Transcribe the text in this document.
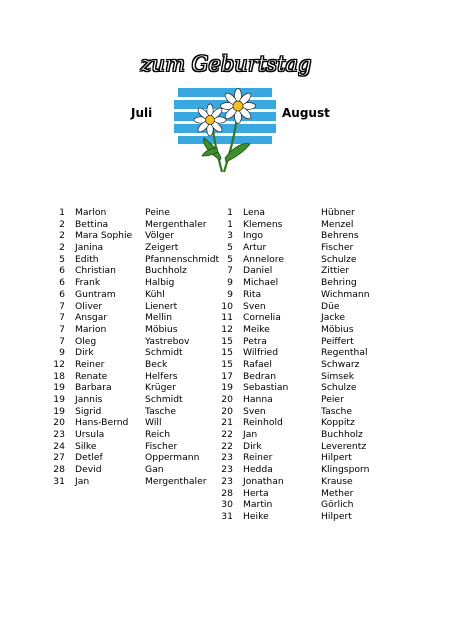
zum Geburtstag
Juli	August
1
2
2
2
5
6
6
6
7
7
7
7
9
12
18
19
19
19
20
23
24
27
28
31
Marlon
Bettina
Mara Sophie
Janina
Edith
Christian
Frank
Guntram
Oliver
Ansgar
Marion
Oleg
Dirk
Reiner
Renate
Barbara
Jannis
Sigrid
Hans-Bernd
Ursula
Silke
Detlef
Devid
Jan
Peine
Mergenthaler
Völger
Zeigert
Pfannenschmidt
Buchholz
Halbig
Kühl
Lienert
Mellin
Möbius
Yastrebov
Schmidt
Beck
Helfers
Krüger
Schmidt
Tasche
Will
Reich
Fischer
Oppermann
Gan
Mergenthaler
1
1
3
5
5
7
9
9
10
11
12
15
15
15
17
19
20
20
21
22
22
23
23
23
28
30
31
Lena
Klemens
Ingo
Artur
Annelore
Daniel
Michael
Rita
Sven
Cornelia
Meike
Petra
Wilfried
Rafael
Bedran
Sebastian
Hanna
Sven
Reinhold
Jan
Dirk
Reiner
Hedda
Jonathan
Herta
Martin
Heike
Hübner
Menzel
Behrens
Fischer
Schulze
Zittier
Behring
Wichmann
Düe
Jacke
Möbius
Peiffert
Regenthal
Schwarz
Simsek
Schulze
Peier
Tasche
Koppitz
Buchholz
Leverentz
Hilpert
Klingsporn
Krause
Mether
Görlich
Hilpert
